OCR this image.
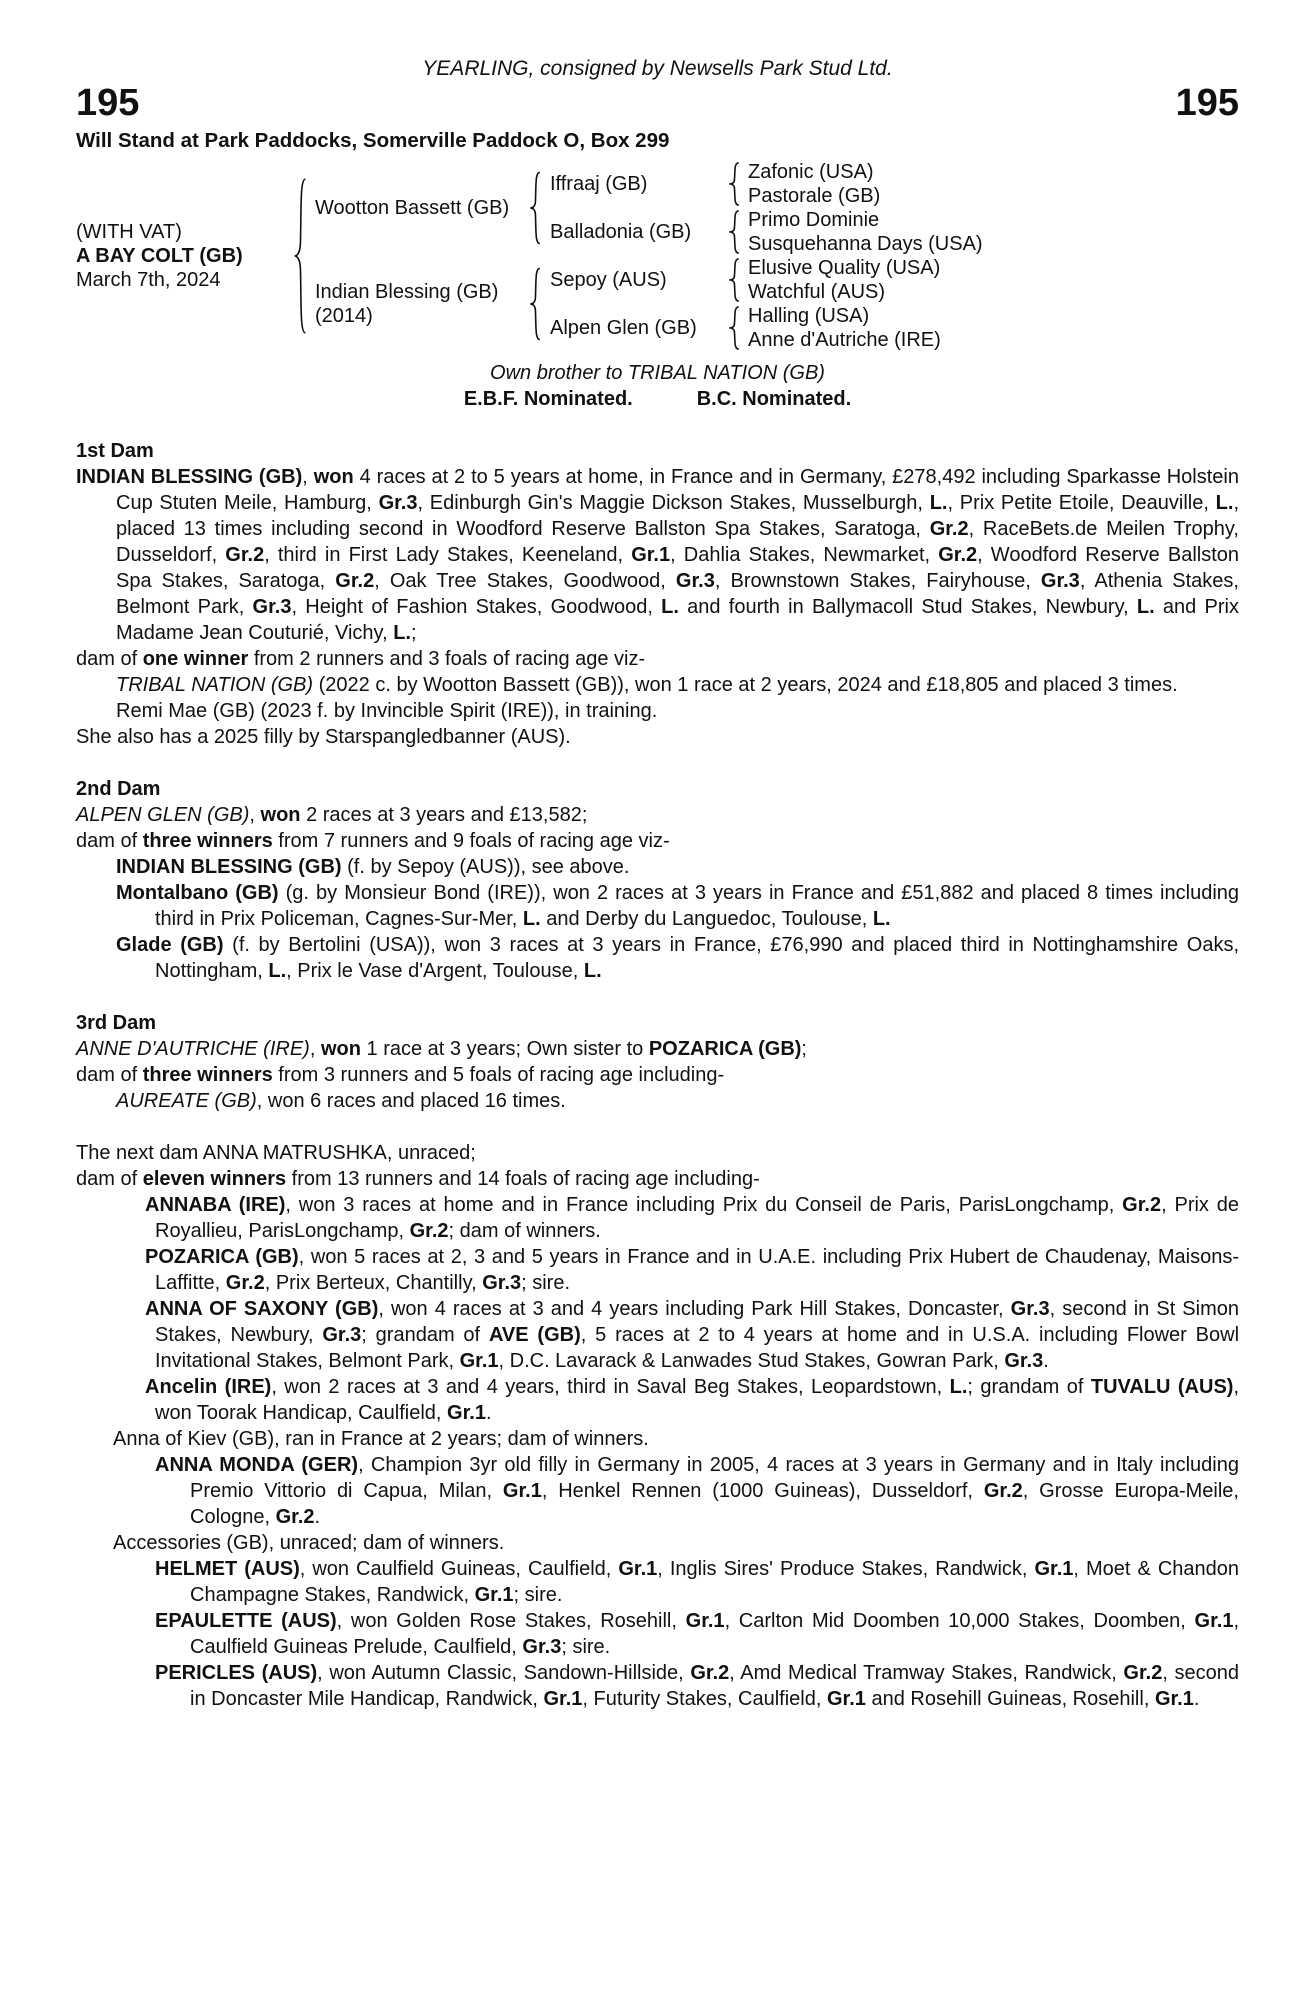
YEARLING, consigned by Newsells Park Stud Ltd.
195	195
Will Stand at Park Paddocks, Somerville Paddock O, Box 299
(WITH VAT)
A BAY COLT (GB)
March 7th, 2024
Wootton Bassett (GB)
Indian Blessing (GB)
(2014)
Iffraaj (GB)
Balladonia (GB)
Sepoy (AUS)
Alpen Glen (GB)
Zafonic (USA)
Pastorale (GB)
Primo Dominie
Susquehanna Days (USA)
Elusive Quality (USA)
Watchful (AUS)
Halling (USA)
Anne d'Autriche (IRE)
Own brother to TRIBAL NATION (GB)
E.B.F. Nominated.	B.C. Nominated.
1st Dam

INDIAN BLESSING (GB), won 4 races at 2 to 5 years at home, in France and in Germany, £278,492 including Sparkasse Holstein Cup Stuten Meile, Hamburg, Gr.3, Edinburgh Gin's Maggie Dickson Stakes, Musselburgh, L., Prix Petite Etoile, Deauville, L., placed 13 times including second in Woodford Reserve Ballston Spa Stakes, Saratoga, Gr.2, RaceBets.de Meilen Trophy, Dusseldorf, Gr.2, third in First Lady Stakes, Keeneland, Gr.1, Dahlia Stakes, Newmarket, Gr.2, Woodford Reserve Ballston Spa Stakes, Saratoga, Gr.2, Oak Tree Stakes, Goodwood, Gr.3, Brownstown Stakes, Fairyhouse, Gr.3, Athenia Stakes, Belmont Park, Gr.3, Height of Fashion Stakes, Goodwood, L. and fourth in Ballymacoll Stud Stakes, Newbury, L. and Prix Madame Jean Couturié, Vichy, L.;

dam of one winner from 2 runners and 3 foals of racing age viz-

TRIBAL NATION (GB) (2022 c. by Wootton Bassett (GB)), won 1 race at 2 years, 2024 and £18,805 and placed 3 times.

Remi Mae (GB) (2023 f. by Invincible Spirit (IRE)), in training.

She also has a 2025 filly by Starspangledbanner (AUS).

2nd Dam

ALPEN GLEN (GB), won 2 races at 3 years and £13,582;

dam of three winners from 7 runners and 9 foals of racing age viz-

INDIAN BLESSING (GB) (f. by Sepoy (AUS)), see above.

Montalbano (GB) (g. by Monsieur Bond (IRE)), won 2 races at 3 years in France and £51,882 and placed 8 times including third in Prix Policeman, Cagnes-Sur-Mer, L. and Derby du Languedoc, Toulouse, L.

Glade (GB) (f. by Bertolini (USA)), won 3 races at 3 years in France, £76,990 and placed third in Nottinghamshire Oaks, Nottingham, L., Prix le Vase d'Argent, Toulouse, L.

3rd Dam

ANNE D'AUTRICHE (IRE), won 1 race at 3 years; Own sister to POZARICA (GB);

dam of three winners from 3 runners and 5 foals of racing age including-

AUREATE (GB), won 6 races and placed 16 times.

The next dam ANNA MATRUSHKA, unraced;

dam of eleven winners from 13 runners and 14 foals of racing age including-

ANNABA (IRE), won 3 races at home and in France including Prix du Conseil de Paris, ParisLongchamp, Gr.2, Prix de Royallieu, ParisLongchamp, Gr.2; dam of winners.

POZARICA (GB), won 5 races at 2, 3 and 5 years in France and in U.A.E. including Prix Hubert de Chaudenay, Maisons-Laffitte, Gr.2, Prix Berteux, Chantilly, Gr.3; sire.

ANNA OF SAXONY (GB), won 4 races at 3 and 4 years including Park Hill Stakes, Doncaster, Gr.3, second in St Simon Stakes, Newbury, Gr.3; grandam of AVE (GB), 5 races at 2 to 4 years at home and in U.S.A. including Flower Bowl Invitational Stakes, Belmont Park, Gr.1, D.C. Lavarack & Lanwades Stud Stakes, Gowran Park, Gr.3.

Ancelin (IRE), won 2 races at 3 and 4 years, third in Saval Beg Stakes, Leopardstown, L.; grandam of TUVALU (AUS), won Toorak Handicap, Caulfield, Gr.1.

Anna of Kiev (GB), ran in France at 2 years; dam of winners.

ANNA MONDA (GER), Champion 3yr old filly in Germany in 2005, 4 races at 3 years in Germany and in Italy including Premio Vittorio di Capua, Milan, Gr.1, Henkel Rennen (1000 Guineas), Dusseldorf, Gr.2, Grosse Europa-Meile, Cologne, Gr.2.

Accessories (GB), unraced; dam of winners.

HELMET (AUS), won Caulfield Guineas, Caulfield, Gr.1, Inglis Sires' Produce Stakes, Randwick, Gr.1, Moet & Chandon Champagne Stakes, Randwick, Gr.1; sire.

EPAULETTE (AUS), won Golden Rose Stakes, Rosehill, Gr.1, Carlton Mid Doomben 10,000 Stakes, Doomben, Gr.1, Caulfield Guineas Prelude, Caulfield, Gr.3; sire.

PERICLES (AUS), won Autumn Classic, Sandown-Hillside, Gr.2, Amd Medical Tramway Stakes, Randwick, Gr.2, second in Doncaster Mile Handicap, Randwick, Gr.1, Futurity Stakes, Caulfield, Gr.1 and Rosehill Guineas, Rosehill, Gr.1.
